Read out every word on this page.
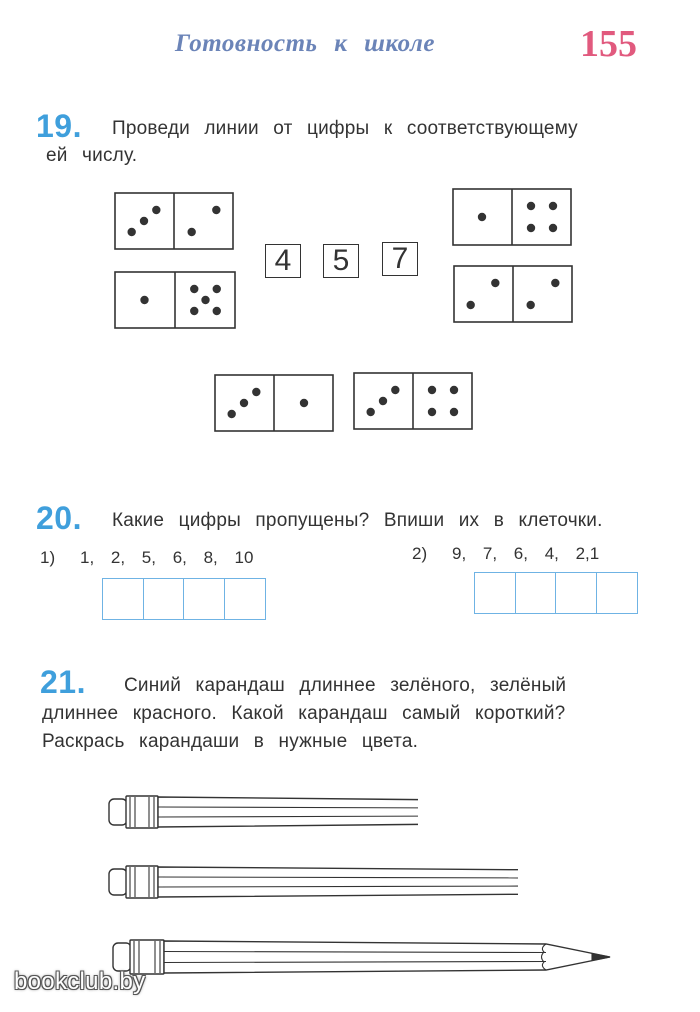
Готовность к школе	155
19. Проведи линии от цифры к соответствующему
ей числу.
4	5	7
20. Какие цифры пропущены? Впиши их в клеточки.
1) 1, 2, 5, 6, 8, 10	2) 9, 7, 6, 4, 2,1
21. Синий карандаш длиннее зелёного, зелёный
длиннее красного. Какой карандаш самый короткий?
Раскрась карандаши в нужные цвета.
bookclub.by
